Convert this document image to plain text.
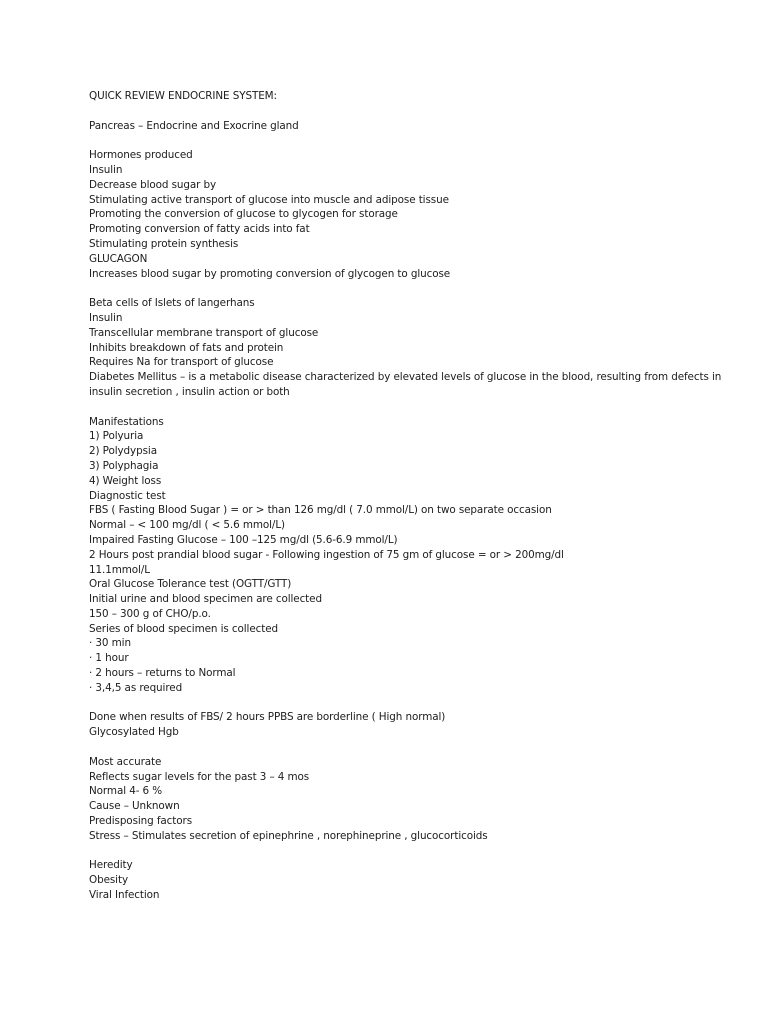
QUICK REVIEW ENDOCRINE SYSTEM:
Pancreas – Endocrine and Exocrine gland
Hormones produced
Insulin
Decrease blood sugar by
Stimulating active transport of glucose into muscle and adipose tissue
Promoting the conversion of glucose to glycogen for storage
Promoting conversion of fatty acids into fat
Stimulating protein synthesis
GLUCAGON
Increases blood sugar by promoting conversion of glycogen to glucose
Beta cells of Islets of langerhans
Insulin
Transcellular membrane transport of glucose
Inhibits breakdown of fats and protein
Requires Na for transport of glucose
Diabetes Mellitus – is a metabolic disease characterized by elevated levels of glucose in the blood, resulting from defects in
insulin secretion , insulin action or both
Manifestations
1) Polyuria
2) Polydypsia
3) Polyphagia
4) Weight loss
Diagnostic test
FBS ( Fasting Blood Sugar ) = or > than 126 mg/dl ( 7.0 mmol/L) on two separate occasion
Normal – < 100 mg/dl ( < 5.6 mmol/L)
Impaired Fasting Glucose – 100 –125 mg/dl (5.6-6.9 mmol/L)
2 Hours post prandial blood sugar - Following ingestion of 75 gm of glucose = or > 200mg/dl
11.1mmol/L
Oral Glucose Tolerance test (OGTT/GTT)
Initial urine and blood specimen are collected
150 – 300 g of CHO/p.o.
Series of blood specimen is collected
· 30 min
· 1 hour
· 2 hours – returns to Normal
· 3,4,5 as required
Done when results of FBS/ 2 hours PPBS are borderline ( High normal)
Glycosylated Hgb
Most accurate
Reflects sugar levels for the past 3 – 4 mos
Normal 4- 6 %
Cause – Unknown
Predisposing factors
Stress – Stimulates secretion of epinephrine , norephineprine , glucocorticoids
Heredity
Obesity
Viral Infection
